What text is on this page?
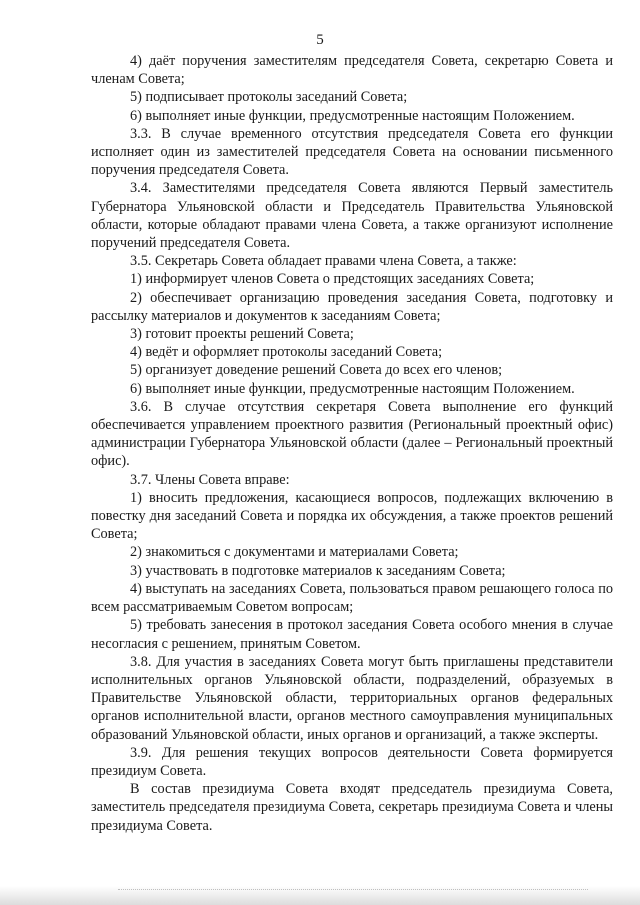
5

4) даёт поручения заместителям председателя Совета, секретарю Совета и членам Совета;

5) подписывает протоколы заседаний Совета;

6) выполняет иные функции, предусмотренные настоящим Положением.

3.3. В случае временного отсутствия председателя Совета его функции исполняет один из заместителей председателя Совета на основании письменного поручения председателя Совета.

3.4. Заместителями председателя Совета являются Первый заместитель Губернатора Ульяновской области и Председатель Правительства Ульяновской области, которые обладают правами члена Совета, а также организуют исполнение поручений председателя Совета.

3.5. Секретарь Совета обладает правами члена Совета, а также:

1) информирует членов Совета о предстоящих заседаниях Совета;

2) обеспечивает организацию проведения заседания Совета, подготовку и рассылку материалов и документов к заседаниям Совета;

3) готовит проекты решений Совета;

4) ведёт и оформляет протоколы заседаний Совета;

5) организует доведение решений Совета до всех его членов;

6) выполняет иные функции, предусмотренные настоящим Положением.

3.6. В случае отсутствия секретаря Совета выполнение его функций обеспечивается управлением проектного развития (Региональный проектный офис) администрации Губернатора Ульяновской области (далее – Региональный проектный офис).

3.7. Члены Совета вправе:

1) вносить предложения, касающиеся вопросов, подлежащих включению в повестку дня заседаний Совета и порядка их обсуждения, а также проектов решений Совета;

2) знакомиться с документами и материалами Совета;

3) участвовать в подготовке материалов к заседаниям Совета;

4) выступать на заседаниях Совета, пользоваться правом решающего голоса по всем рассматриваемым Советом вопросам;

5) требовать занесения в протокол заседания Совета особого мнения в случае несогласия с решением, принятым Советом.

3.8. Для участия в заседаниях Совета могут быть приглашены представители исполнительных органов Ульяновской области, подразделений, образуемых в Правительстве Ульяновской области, территориальных органов федеральных органов исполнительной власти, органов местного самоуправления муниципальных образований Ульяновской области, иных органов и организаций, а также эксперты.

3.9. Для решения текущих вопросов деятельности Совета формируется президиум Совета.

В состав президиума Совета входят председатель президиума Совета, заместитель председателя президиума Совета, секретарь президиума Совета и члены президиума Совета.
